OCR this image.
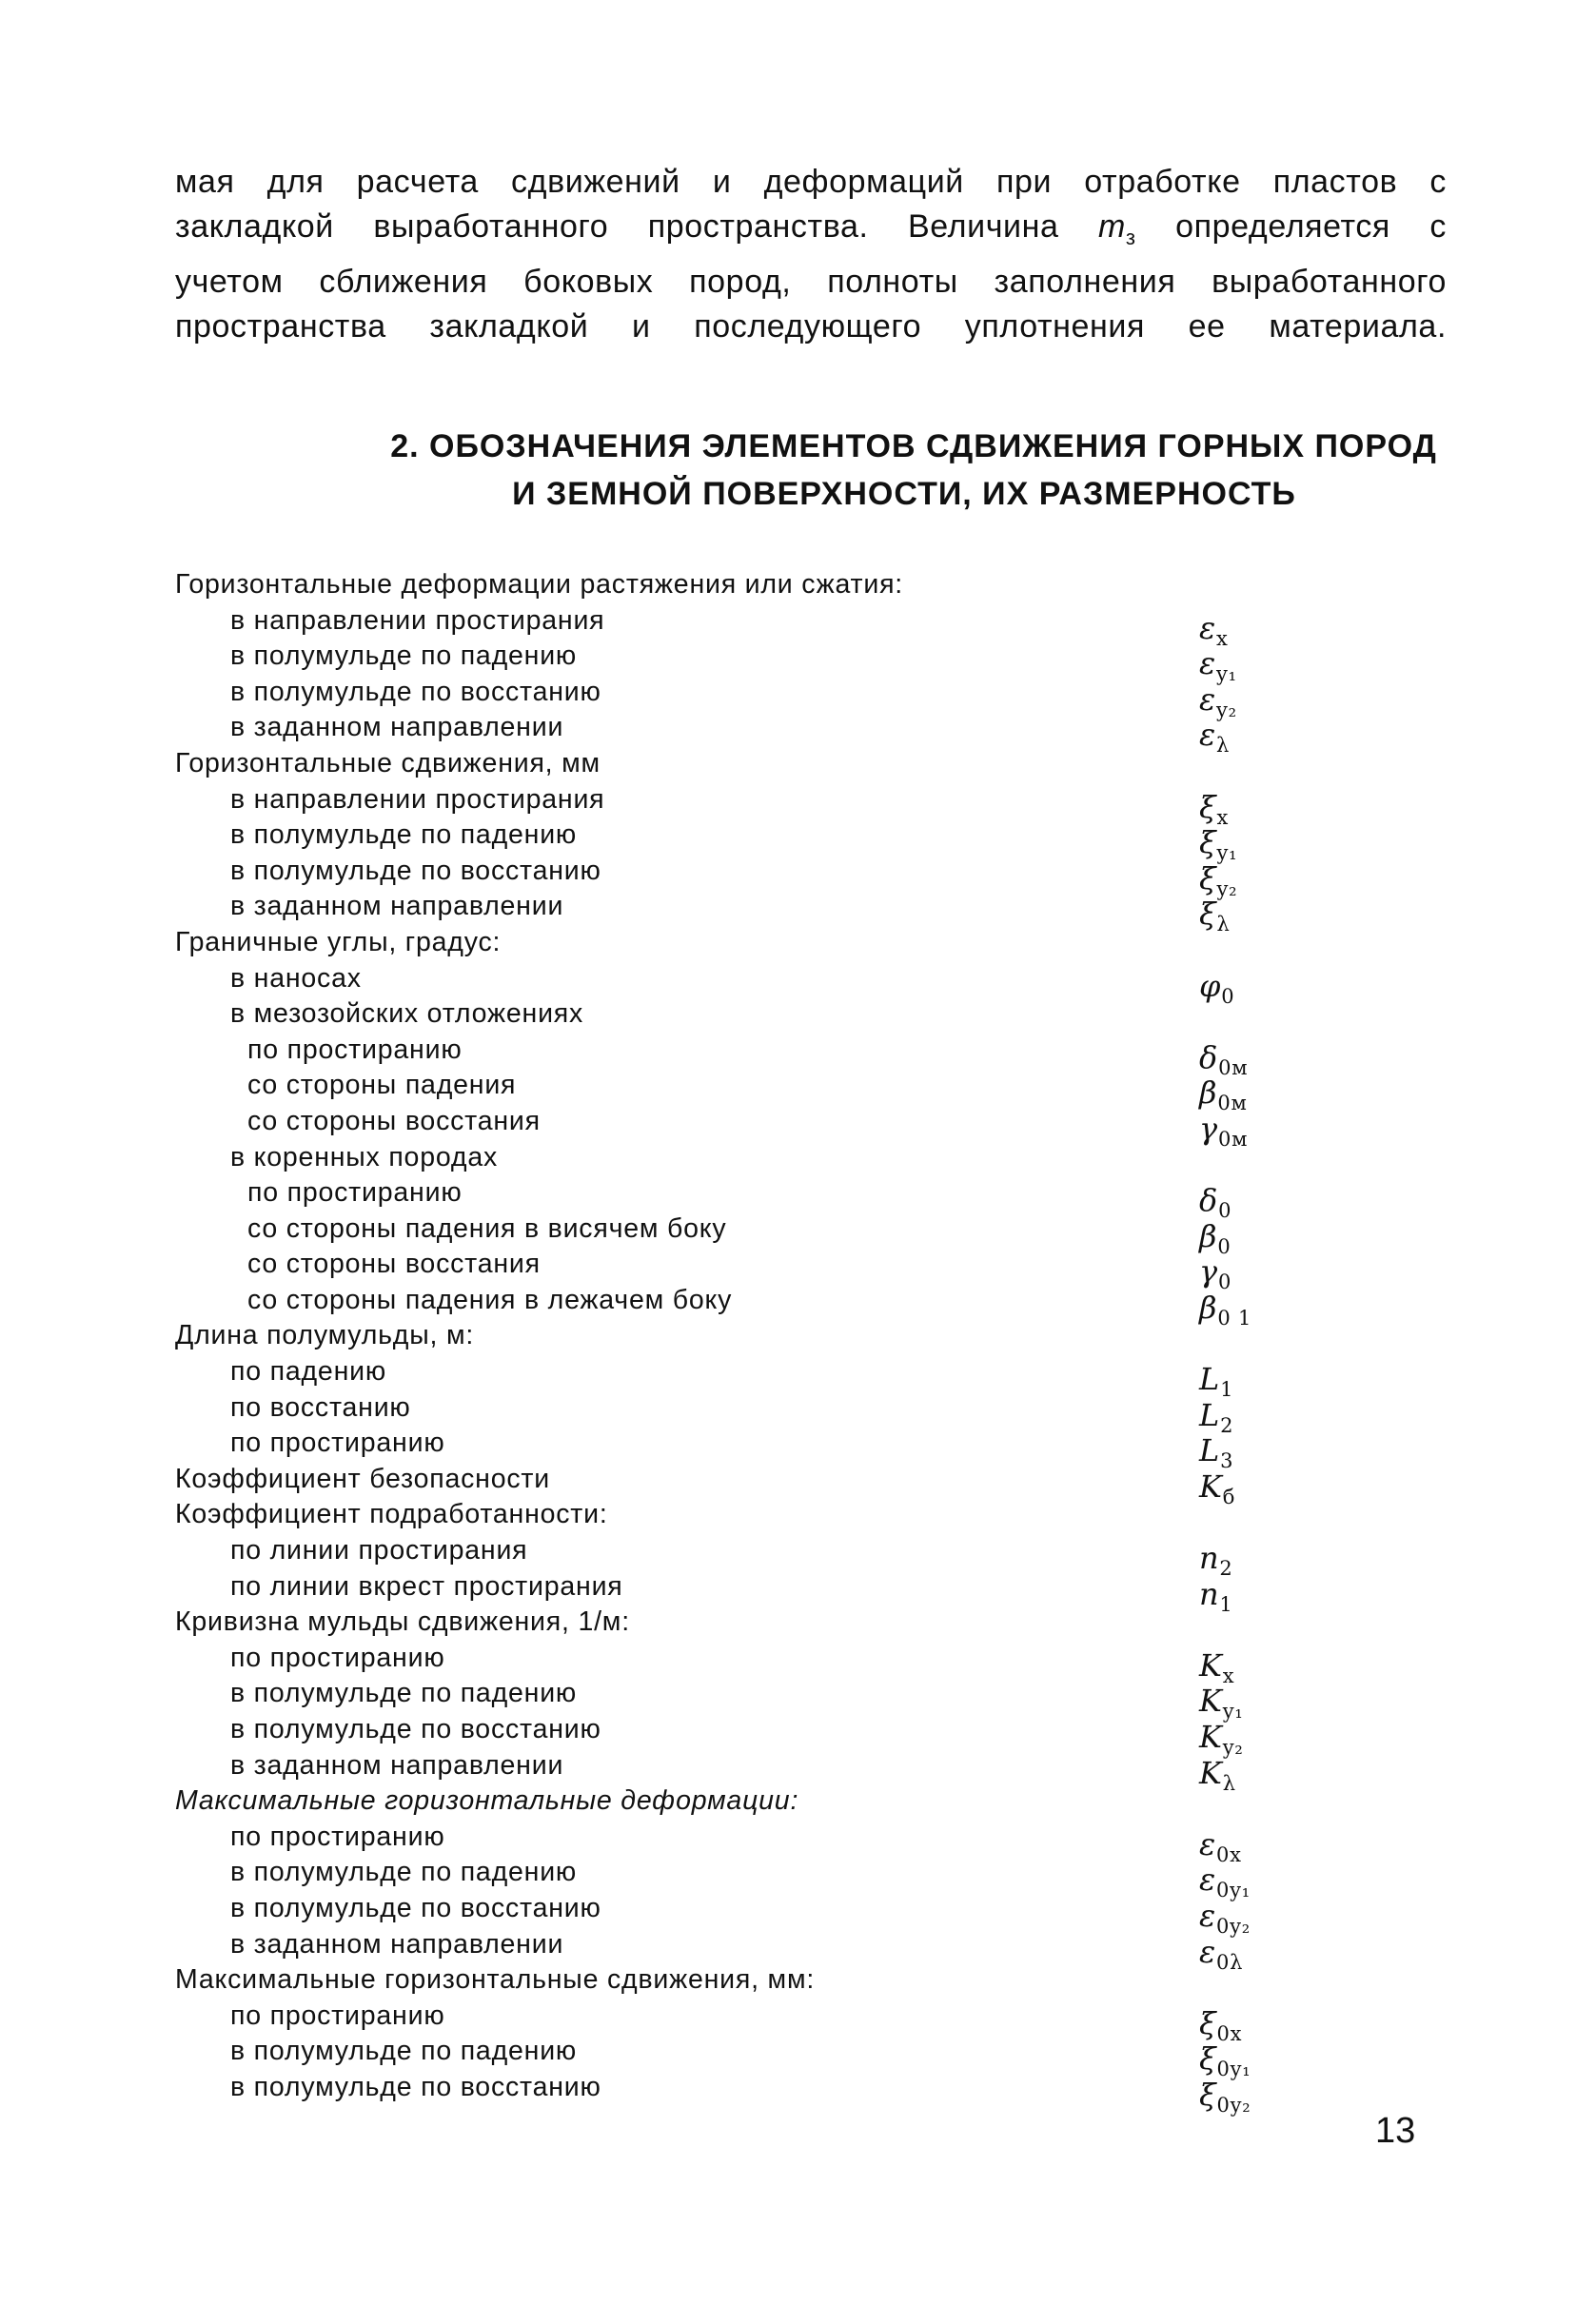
мая для расчета сдвижений и деформаций при отработке пластов с
закладкой выработанного пространства. Величина $m_з$ определяется с
учетом сближения боковых пород, полноты заполнения выработанного
пространства закладкой и последующего уплотнения ее материала.
2. ОБОЗНАЧЕНИЯ ЭЛЕМЕНТОВ СДВИЖЕНИЯ ГОРНЫХ ПОРОД
И ЗЕМНОЙ ПОВЕРХНОСТИ, ИХ РАЗМЕРНОСТЬ
Горизонтальные деформации растяжения или сжатия:
в направлении простирания	$\varepsilon_x$
в полумульде по падению	$\varepsilon_{y_1}$
в полумульде по восстанию	$\varepsilon_{y_2}$
в заданном направлении	$\varepsilon_\lambda$
Горизонтальные сдвижения, мм
в направлении простирания	$\xi_x$
в полумульде по падению	$\xi_{y_1}$
в полумульде по восстанию	$\xi_{y_2}$
в заданном направлении	$\xi_\lambda$
Граничные углы, градус:
в наносах	$\varphi_0$
в мезозойских отложениях
по простиранию	$\delta_{0м}$
со стороны падения	$\beta_{0м}$
со стороны восстания	$\gamma_{0м}$
в коренных породах
по простиранию	$\delta_0$
со стороны падения в висячем боку	$\beta_0$
со стороны восстания	$\gamma_0$
со стороны падения в лежачем боку	$\beta_{0 1}$
Длина полумульды, м:
по падению	$L_1$
по восстанию	$L_2$
по простиранию	$L_3$
Коэффициент безопасности	$K_б$
Коэффициент подработанности:
по линии простирания	$n_2$
по линии вкрест простирания	$n_1$
Кривизна мульды сдвижения, 1/м:
по простиранию	$K_x$
в полумульде по падению	$K_{y_1}$
в полумульде по восстанию	$K_{y_2}$
в заданном направлении	$K_\lambda$
Максимальные горизонтальные деформации:
по простиранию	$\varepsilon_{0x}$
в полумульде по падению	$\varepsilon_{0y_1}$
в полумульде по восстанию	$\varepsilon_{0y_2}$
в заданном направлении	$\varepsilon_{0\lambda}$
Максимальные горизонтальные сдвижения, мм:
по простиранию	$\xi_{0x}$
в полумульде по падению	$\xi_{0y_1}$
в полумульде по восстанию	$\xi_{0y_2}$
13
